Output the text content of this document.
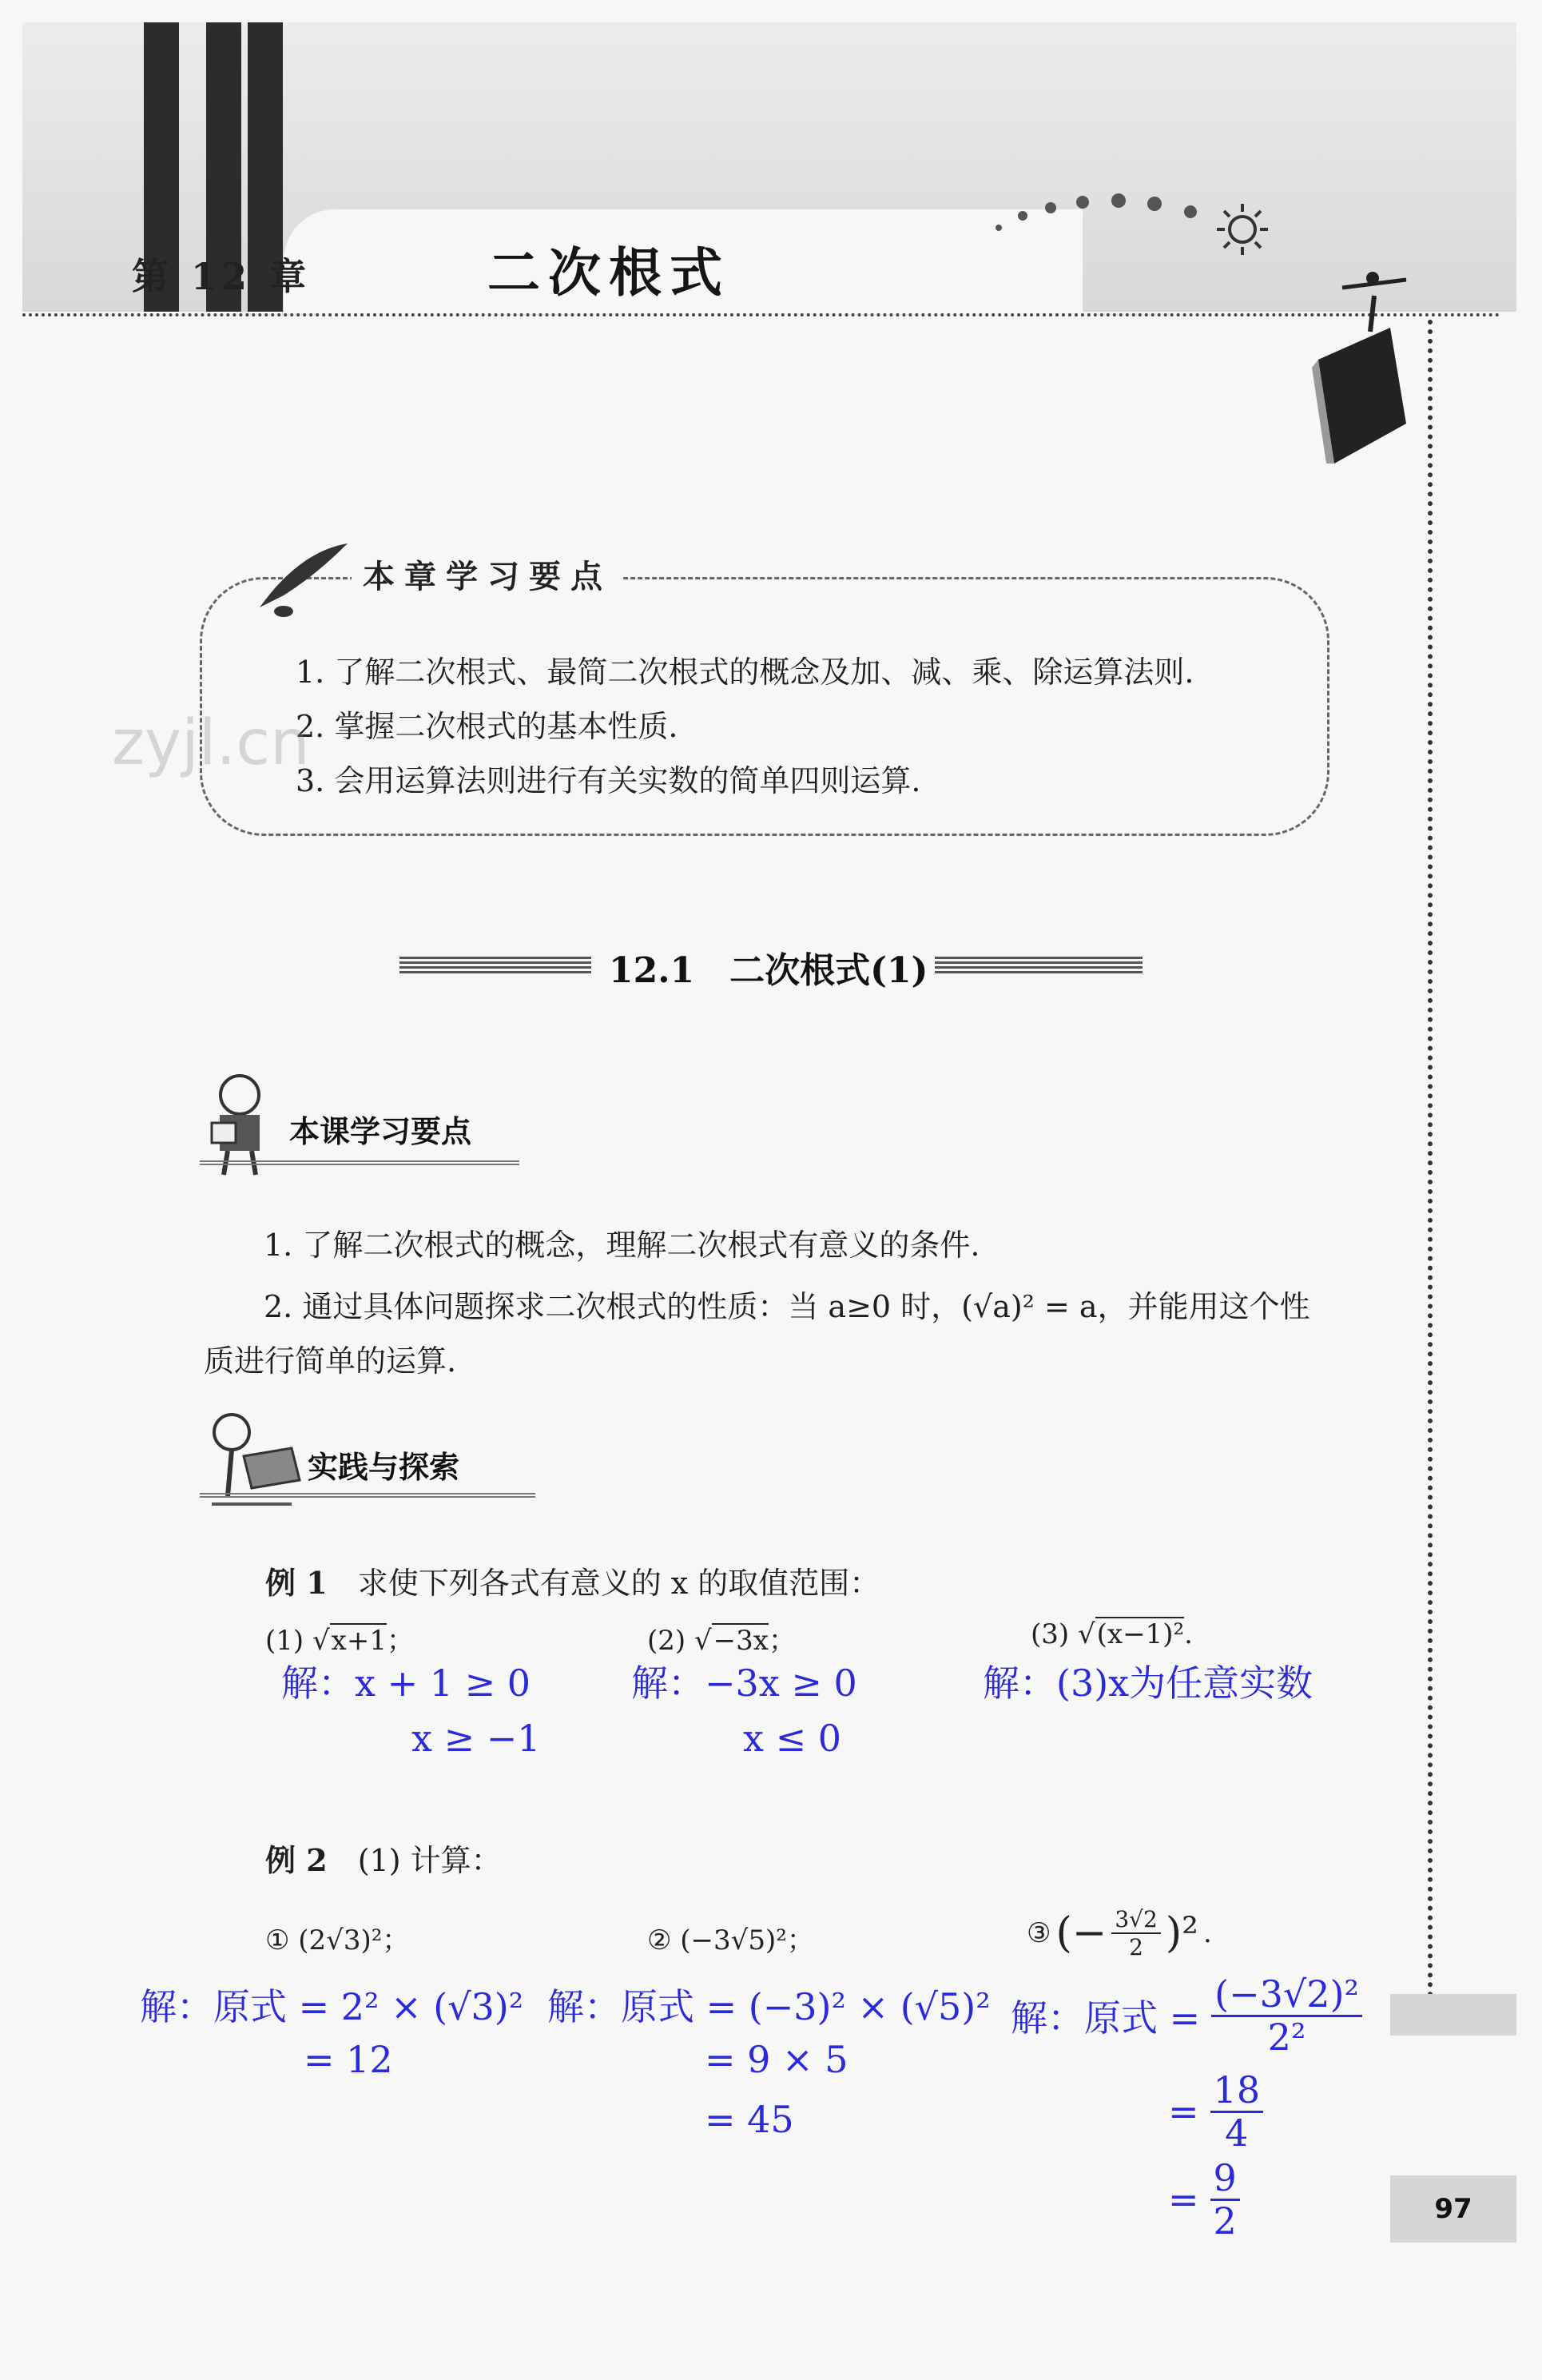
第 12 章	二次根式
本章学习要点
1. 了解二次根式、最简二次根式的概念及加、减、乘、除运算法则.
2. 掌握二次根式的基本性质.
3. 会用运算法则进行有关实数的简单四则运算.
zyjl.cn
12.1　二次根式(1)
本课学习要点
1. 了解二次根式的概念，理解二次根式有意义的条件.
2. 通过具体问题探求二次根式的性质：当 a≥0 时，(√a)² = a，并能用这个性
质进行简单的运算.
实践与探索
例 1　 求使下列各式有意义的 x 的取值范围：
(1) √x+1；	(2) √−3x；	(3) √(x−1)².
解：x + 1 ≥ 0
x ≥ −1
解：−3x ≥ 0
x ≤ 0
解：(3)x为任意实数
例 2　 (1) 计算：
① (2√3)²；	② (−3√5)²；	③ (− $\frac{3√2}{2} )^2$ .
解：原式 = 2² × (√3)²
= 12
解：原式 = (−3)² × (√5)²
= 9 × 5
= 45
解：原式 = $\frac{\text{(−3√2)²}}{\text{2²}}$
= $\frac{18}{4}$
= $\frac{9}{2}$	97
